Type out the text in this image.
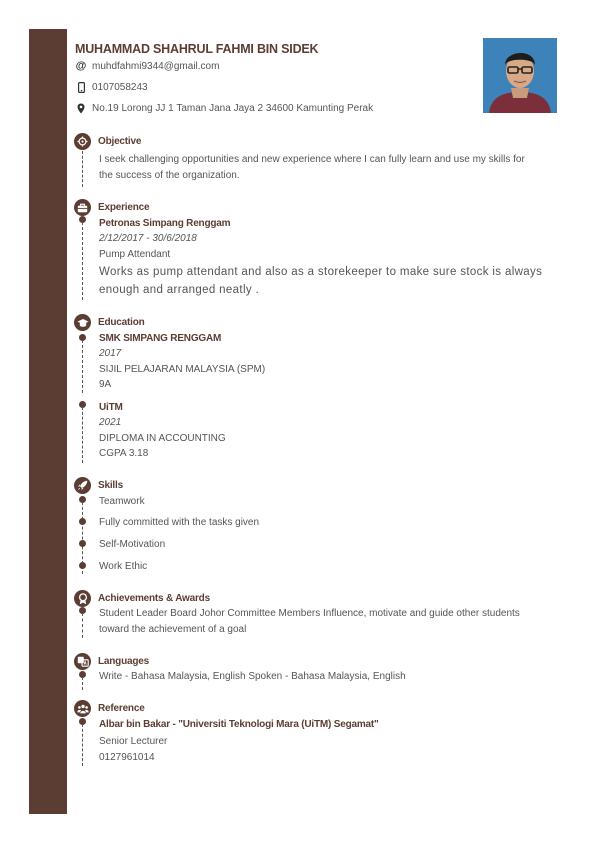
MUHAMMAD SHAHRUL FAHMI BIN SIDEK
@ muhdfahmi9344@gmail.com
0107058243
No.19 Lorong JJ 1 Taman Jana Jaya 2 34600 Kamunting Perak
Objective
I seek challenging opportunities and new experience where I can fully learn and use my skills for
the success of the organization.
Experience
Petronas Simpang Renggam
2/12/2017 - 30/6/2018
Pump Attendant
Works as pump attendant and also as a storekeeper to make sure stock is always
enough and arranged neatly .
Education
SMK SIMPANG RENGGAM
2017
SIJIL PELAJARAN MALAYSIA (SPM)
9A
UiTM
2021
DIPLOMA IN ACCOUNTING
CGPA 3.18
Skills
Teamwork
Fully committed with the tasks given
Self-Motivation
Work Ethic
Achievements & Awards
Student Leader Board Johor Committee Members Influence, motivate and guide other students
toward the achievement of a goal
Languages
Write - Bahasa Malaysia, English Spoken - Bahasa Malaysia, English
Reference
Albar bin Bakar - "Universiti Teknologi Mara (UiTM) Segamat"
Senior Lecturer
0127961014
